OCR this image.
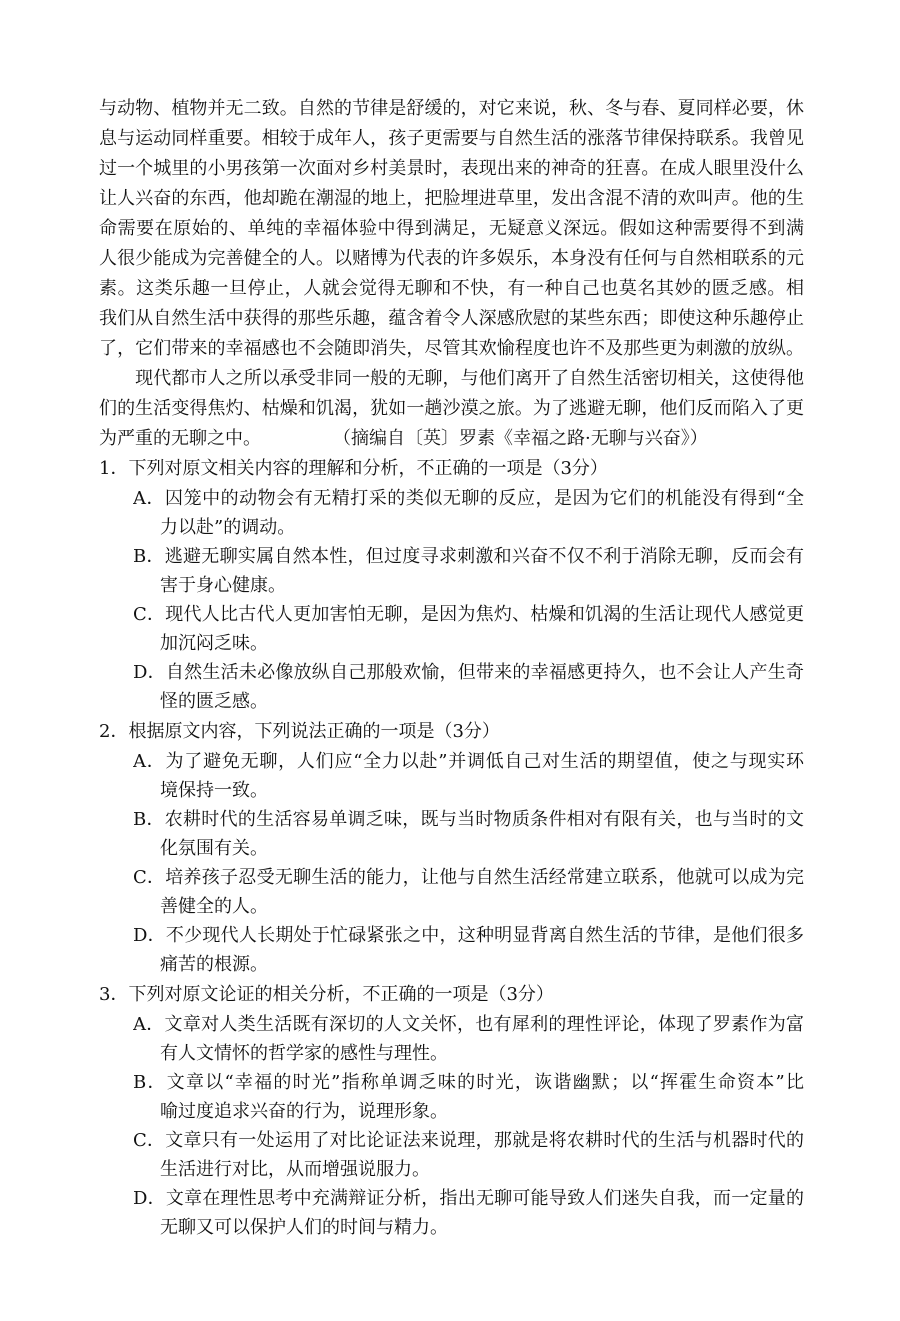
与动物、植物并无二致。自然的节律是舒缓的，对它来说，秋、冬与春、夏同样必要，休
息与运动同样重要。相较于成年人，孩子更需要与自然生活的涨落节律保持联系。我曾见
过一个城里的小男孩第一次面对乡村美景时，表现出来的神奇的狂喜。在成人眼里没什么
让人兴奋的东西，他却跪在潮湿的地上，把脸埋进草里，发出含混不清的欢叫声。他的生
命需要在原始的、单纯的幸福体验中得到满足，无疑意义深远。假如这种需要得不到满
人很少能成为完善健全的人。以赌博为代表的许多娱乐，本身没有任何与自然相联系的元
素。这类乐趣一旦停止，人就会觉得无聊和不快，有一种自己也莫名其妙的匮乏感。相
我们从自然生活中获得的那些乐趣，蕴含着令人深感欣慰的某些东西；即使这种乐趣停止
了，它们带来的幸福感也不会随即消失，尽管其欢愉程度也许不及那些更为刺激的放纵。
　　现代都市人之所以承受非同一般的无聊，与他们离开了自然生活密切相关，这使得他
们的生活变得焦灼、枯燥和饥渴，犹如一趟沙漠之旅。为了逃避无聊，他们反而陷入了更
为严重的无聊之中。　　　　　（摘编自〔英〕罗素《幸福之路·无聊与兴奋》）
1．下列对原文相关内容的理解和分析，不正确的一项是（3分）
A．囚笼中的动物会有无精打采的类似无聊的反应，是因为它们的机能没有得到“全
力以赴”的调动。
B．逃避无聊实属自然本性，但过度寻求刺激和兴奋不仅不利于消除无聊，反而会有
害于身心健康。
C．现代人比古代人更加害怕无聊，是因为焦灼、枯燥和饥渴的生活让现代人感觉更
加沉闷乏味。
D．自然生活未必像放纵自己那般欢愉，但带来的幸福感更持久，也不会让人产生奇
怪的匮乏感。
2．根据原文内容，下列说法正确的一项是（3分）
A．为了避免无聊，人们应“全力以赴”并调低自己对生活的期望值，使之与现实环
境保持一致。
B．农耕时代的生活容易单调乏味，既与当时物质条件相对有限有关，也与当时的文
化氛围有关。
C．培养孩子忍受无聊生活的能力，让他与自然生活经常建立联系，他就可以成为完
善健全的人。
D．不少现代人长期处于忙碌紧张之中，这种明显背离自然生活的节律，是他们很多
痛苦的根源。
3．下列对原文论证的相关分析，不正确的一项是（3分）
A．文章对人类生活既有深切的人文关怀，也有犀利的理性评论，体现了罗素作为富
有人文情怀的哲学家的感性与理性。
B．文章以“幸福的时光”指称单调乏味的时光，诙谐幽默；以“挥霍生命资本”比
喻过度追求兴奋的行为，说理形象。
C．文章只有一处运用了对比论证法来说理，那就是将农耕时代的生活与机器时代的
生活进行对比，从而增强说服力。
D．文章在理性思考中充满辩证分析，指出无聊可能导致人们迷失自我，而一定量的
无聊又可以保护人们的时间与精力。
